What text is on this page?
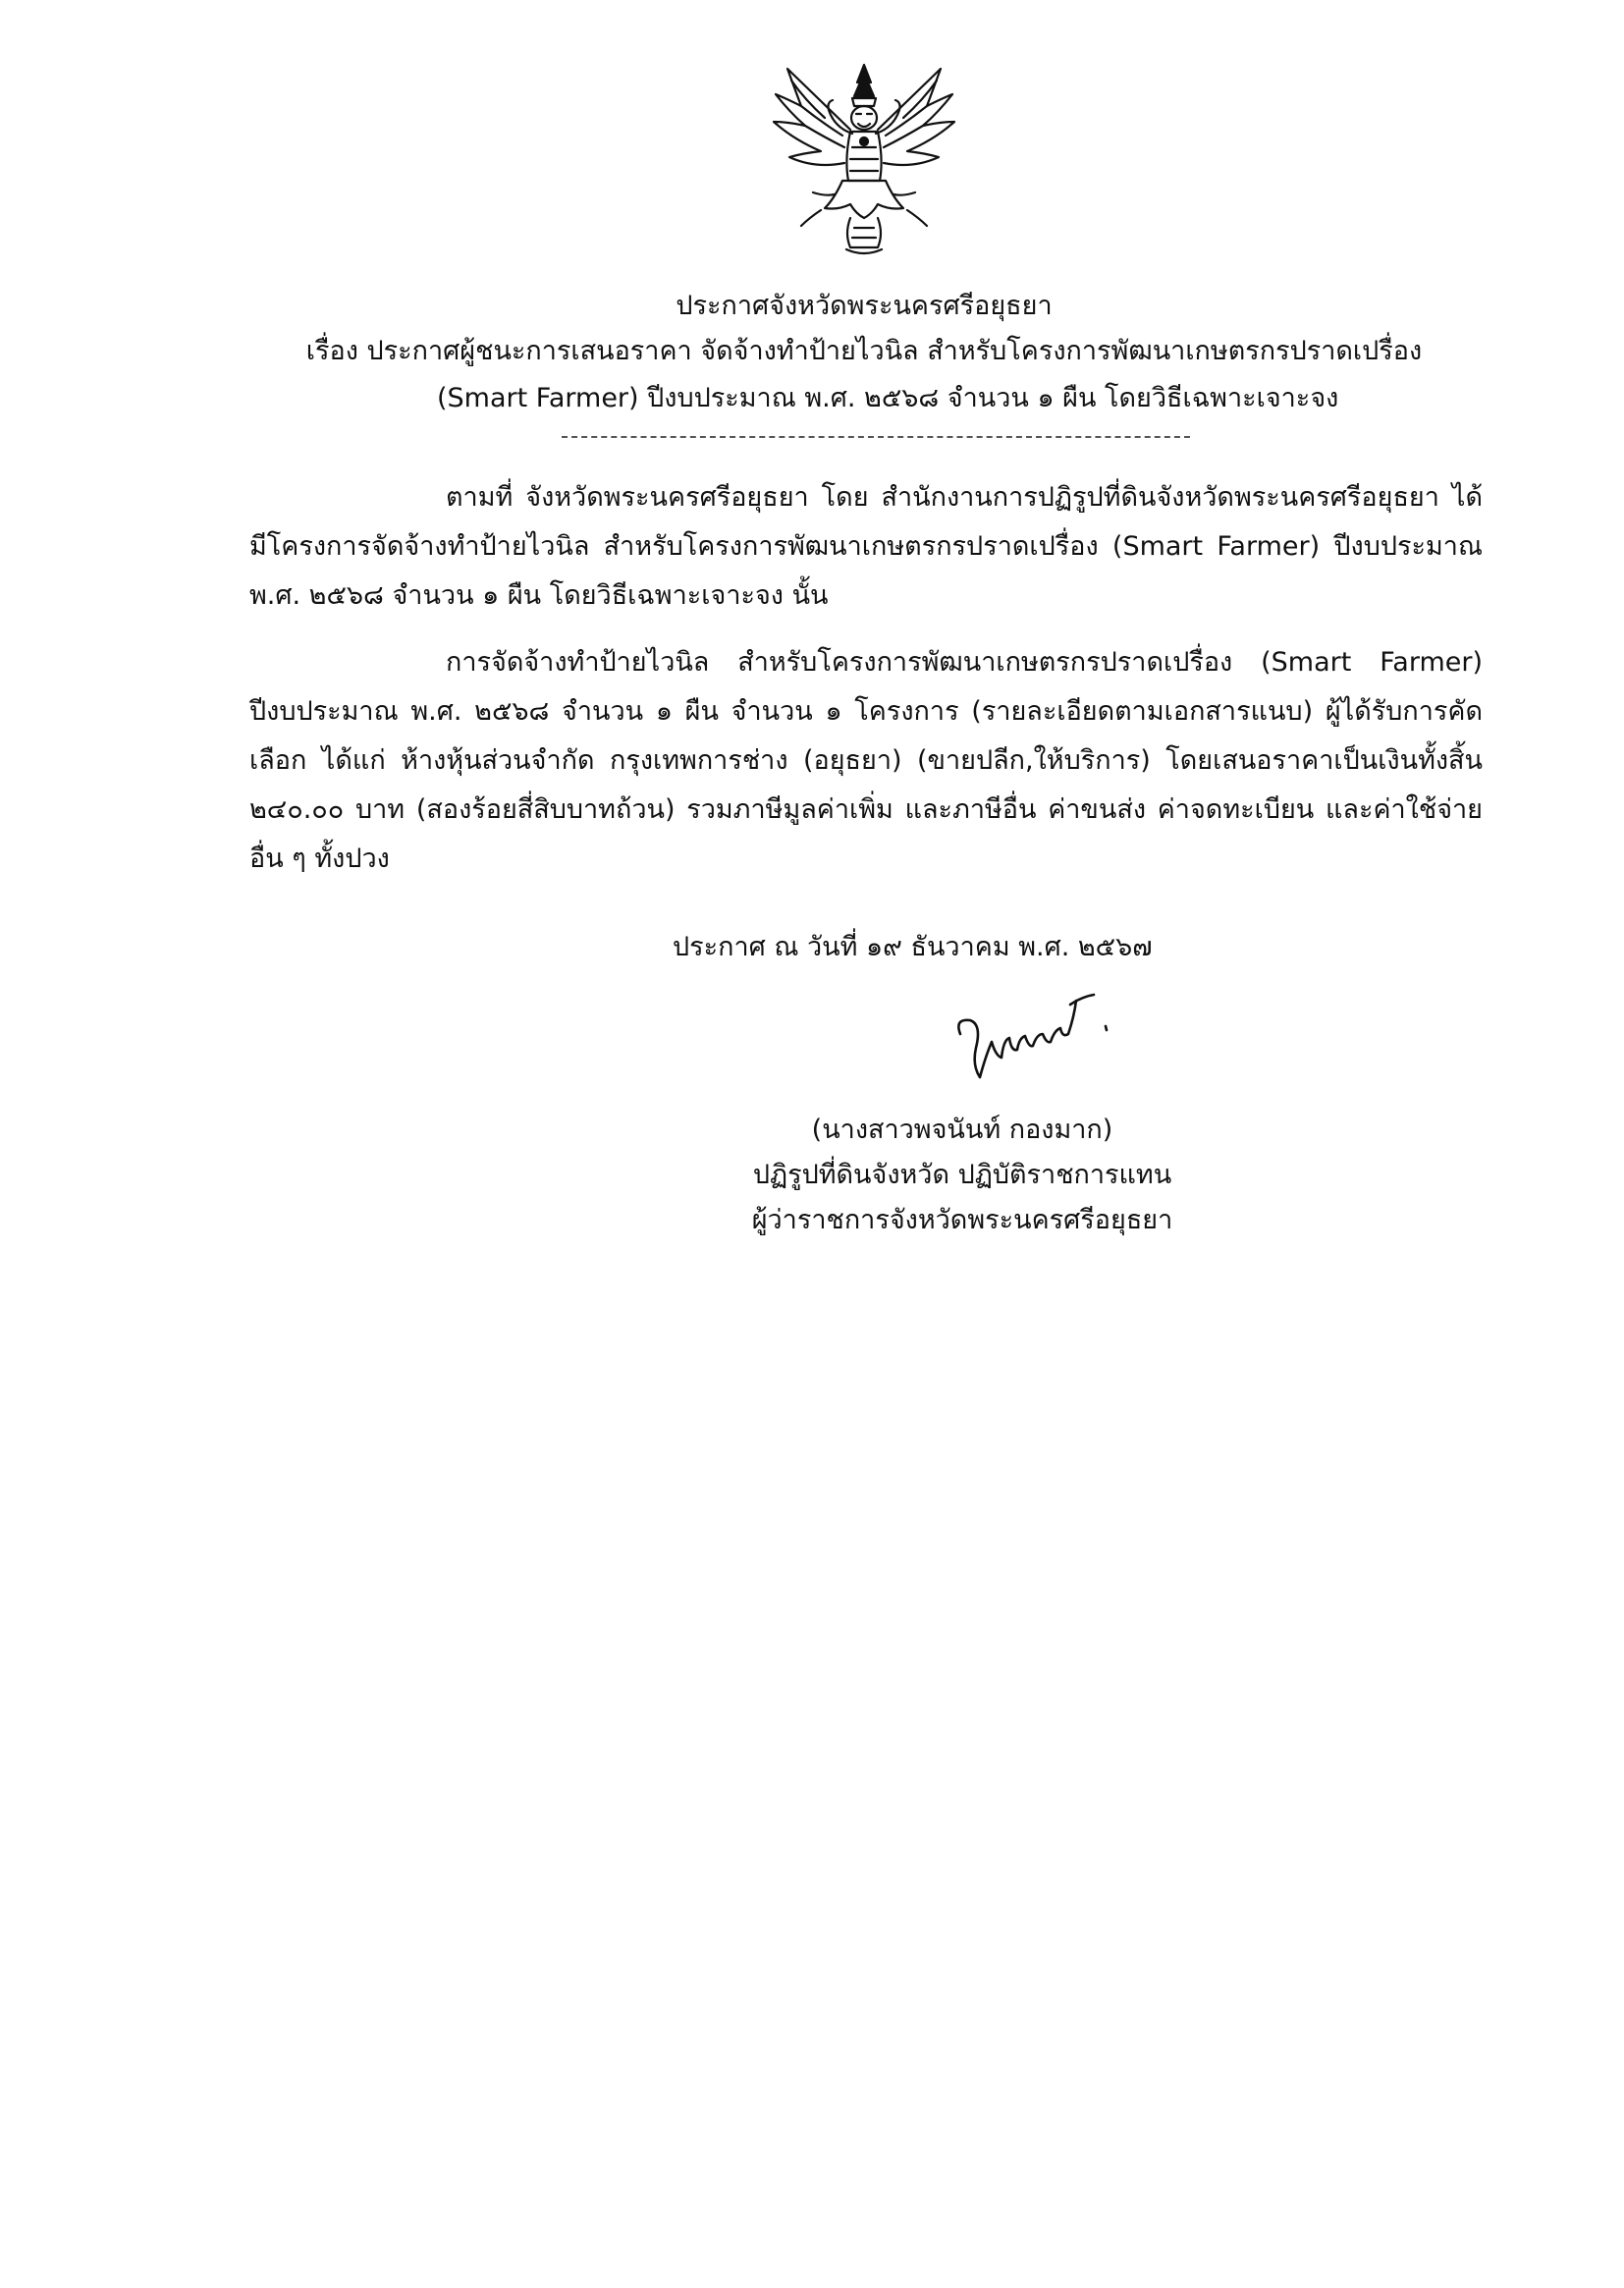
ประกาศจังหวัดพระนครศรีอยุธยา
เรื่อง ประกาศผู้ชนะการเสนอราคา จัดจ้างทำป้ายไวนิล สำหรับโครงการพัฒนาเกษตรกรปราดเปรื่อง
(Smart Farmer) ปีงบประมาณ พ.ศ. ๒๕๖๘ จำนวน ๑ ผืน โดยวิธีเฉพาะเจาะจง
ตามที่ จังหวัดพระนครศรีอยุธยา โดย สำนักงานการปฏิรูปที่ดินจังหวัดพระนครศรีอยุธยา ได้มีโครงการจัดจ้างทำป้ายไวนิล สำหรับโครงการพัฒนาเกษตรกรปราดเปรื่อง (Smart Farmer) ปีงบประมาณ พ.ศ. ๒๕๖๘ จำนวน ๑ ผืน โดยวิธีเฉพาะเจาะจง นั้น
การจัดจ้างทำป้ายไวนิล สำหรับโครงการพัฒนาเกษตรกรปราดเปรื่อง (Smart Farmer) ปีงบประมาณ พ.ศ. ๒๕๖๘ จำนวน ๑ ผืน จำนวน ๑ โครงการ (รายละเอียดตามเอกสารแนบ) ผู้ได้รับการคัดเลือก ได้แก่ ห้างหุ้นส่วนจำกัด กรุงเทพการช่าง (อยุธยา) (ขายปลีก,ให้บริการ) โดยเสนอราคาเป็นเงินทั้งสิ้น ๒๔๐.๐๐ บาท (สองร้อยสี่สิบบาทถ้วน) รวมภาษีมูลค่าเพิ่ม และภาษีอื่น ค่าขนส่ง ค่าจดทะเบียน และค่าใช้จ่ายอื่น ๆ ทั้งปวง
ประกาศ ณ วันที่ ๑๙ ธันวาคม พ.ศ. ๒๕๖๗
(นางสาวพจนันท์ กองมาก)
ปฏิรูปที่ดินจังหวัด ปฏิบัติราชการแทน
ผู้ว่าราชการจังหวัดพระนครศรีอยุธยา
